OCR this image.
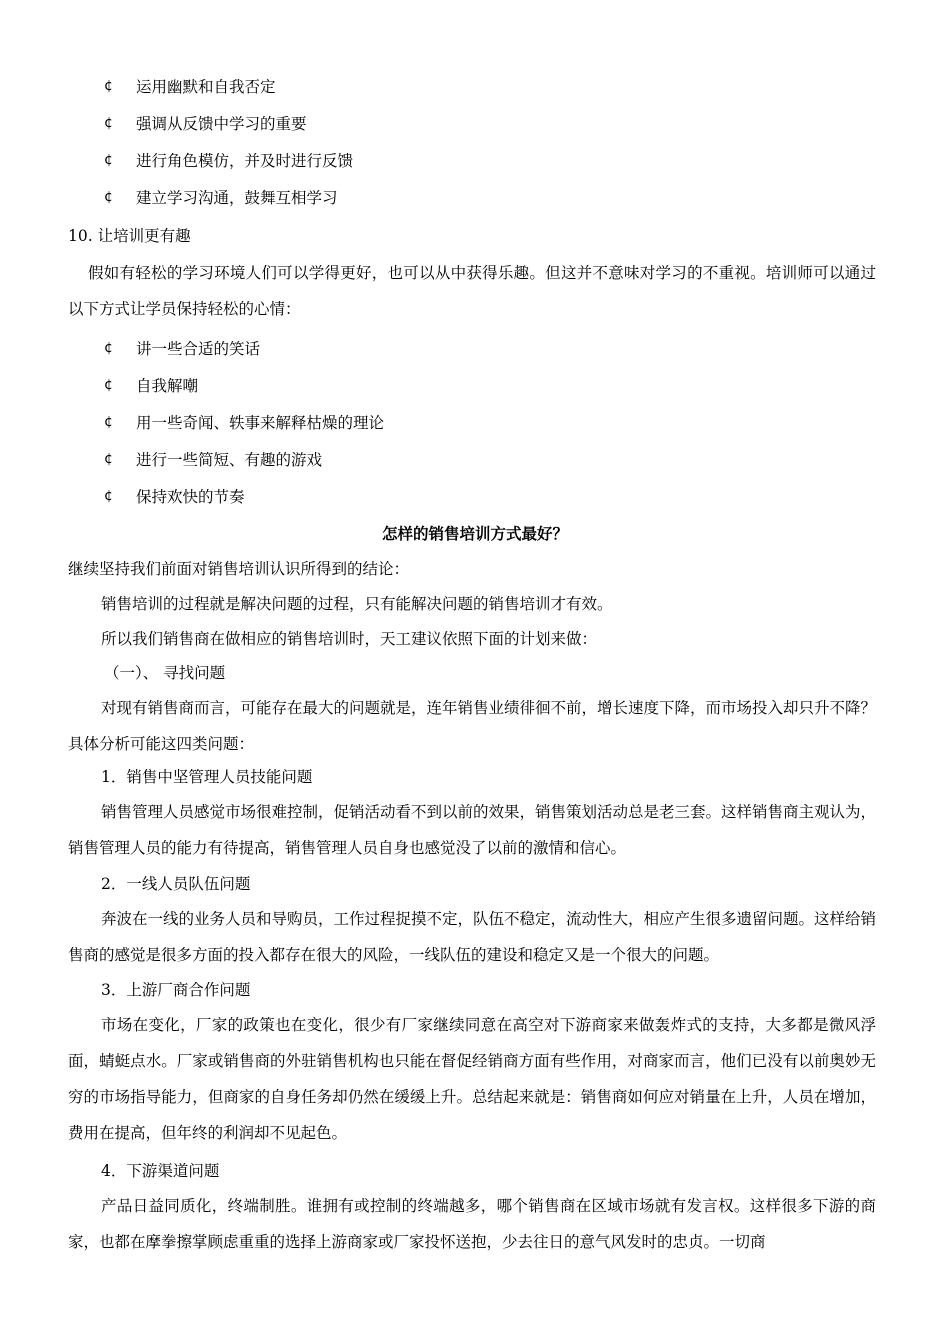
¢ 运用幽默和自我否定
¢ 强调从反馈中学习的重要
¢ 进行角色模仿，并及时进行反馈
¢ 建立学习沟通，鼓舞互相学习
10. 让培训更有趣
假如有轻松的学习环境人们可以学得更好，也可以从中获得乐趣。但这并不意味对学习的不重视。培训师可以通过以下方式让学员保持轻松的心情：
¢ 讲一些合适的笑话
¢ 自我解嘲
¢ 用一些奇闻、轶事来解释枯燥的理论
¢ 进行一些简短、有趣的游戏
¢ 保持欢快的节奏
怎样的销售培训方式最好？
继续坚持我们前面对销售培训认识所得到的结论：
销售培训的过程就是解决问题的过程，只有能解决问题的销售培训才有效。
所以我们销售商在做相应的销售培训时，天工建议依照下面的计划来做：
（一）、 寻找问题
对现有销售商而言，可能存在最大的问题就是，连年销售业绩徘徊不前，增长速度下降，而市场投入却只升不降？具体分析可能这四类问题：
1．销售中坚管理人员技能问题
销售管理人员感觉市场很难控制，促销活动看不到以前的效果，销售策划活动总是老三套。这样销售商主观认为，销售管理人员的能力有待提高，销售管理人员自身也感觉没了以前的激情和信心。
2．一线人员队伍问题
奔波在一线的业务人员和导购员，工作过程捉摸不定，队伍不稳定，流动性大，相应产生很多遗留问题。这样给销售商的感觉是很多方面的投入都存在很大的风险，一线队伍的建设和稳定又是一个很大的问题。
3．上游厂商合作问题
市场在变化，厂家的政策也在变化，很少有厂家继续同意在高空对下游商家来做轰炸式的支持，大多都是微风浮面，蜻蜓点水。厂家或销售商的外驻销售机构也只能在督促经销商方面有些作用，对商家而言，他们已没有以前奥妙无穷的市场指导能力，但商家的自身任务却仍然在缓缓上升。总结起来就是：销售商如何应对销量在上升，人员在增加，费用在提高，但年终的利润却不见起色。
4．下游渠道问题
产品日益同质化，终端制胜。谁拥有或控制的终端越多，哪个销售商在区域市场就有发言权。这样很多下游的商家，也都在摩拳擦掌顾虑重重的选择上游商家或厂家投怀送抱，少去往日的意气风发时的忠贞。一切商
